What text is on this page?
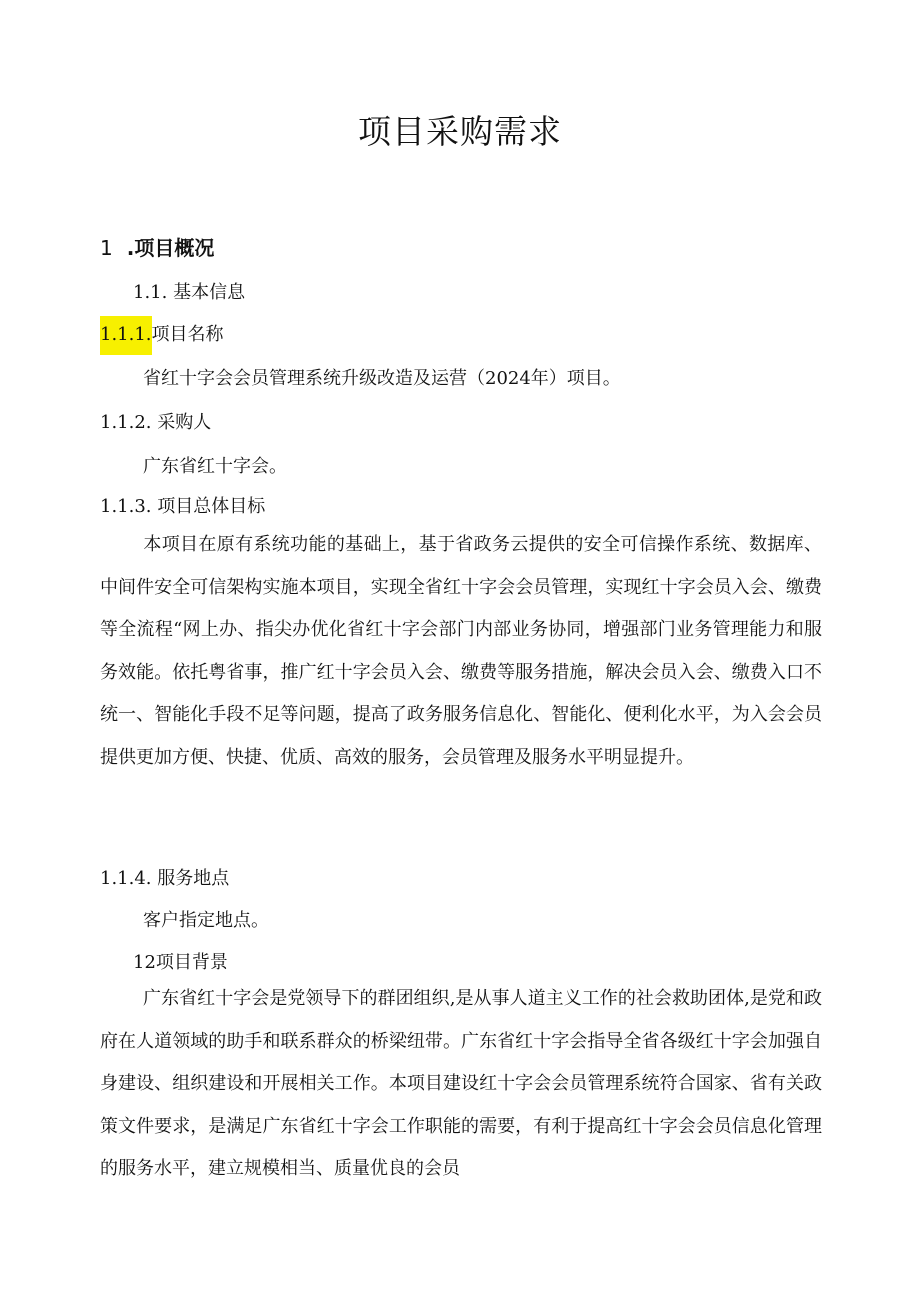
项目采购需求
1 .项目概况
1.1. 基本信息
1.1.1.项目名称
省红十字会会员管理系统升级改造及运营（2024年）项目。
1.1.2. 采购人
广东省红十字会。
1.1.3. 项目总体目标
本项目在原有系统功能的基础上，基于省政务云提供的安全可信操作系统、数据库、中间件安全可信架构实施本项目，实现全省红十字会会员管理，实现红十字会员入会、缴费等全流程“网上办、指尖办优化省红十字会部门内部业务协同，增强部门业务管理能力和服务效能。依托粤省事，推广红十字会员入会、缴费等服务措施，解决会员入会、缴费入口不统一、智能化手段不足等问题，提高了政务服务信息化、智能化、便利化水平，为入会会员提供更加方便、快捷、优质、高效的服务，会员管理及服务水平明显提升。
1.1.4. 服务地点
客户指定地点。
12项目背景
广东省红十字会是党领导下的群团组织,是从事人道主义工作的社会救助团体,是党和政府在人道领域的助手和联系群众的桥梁纽带。广东省红十字会指导全省各级红十字会加强自身建设、组织建设和开展相关工作。本项目建设红十字会会员管理系统符合国家、省有关政策文件要求，是满足广东省红十字会工作职能的需要，有利于提高红十字会会员信息化管理的服务水平，建立规模相当、质量优良的会员
